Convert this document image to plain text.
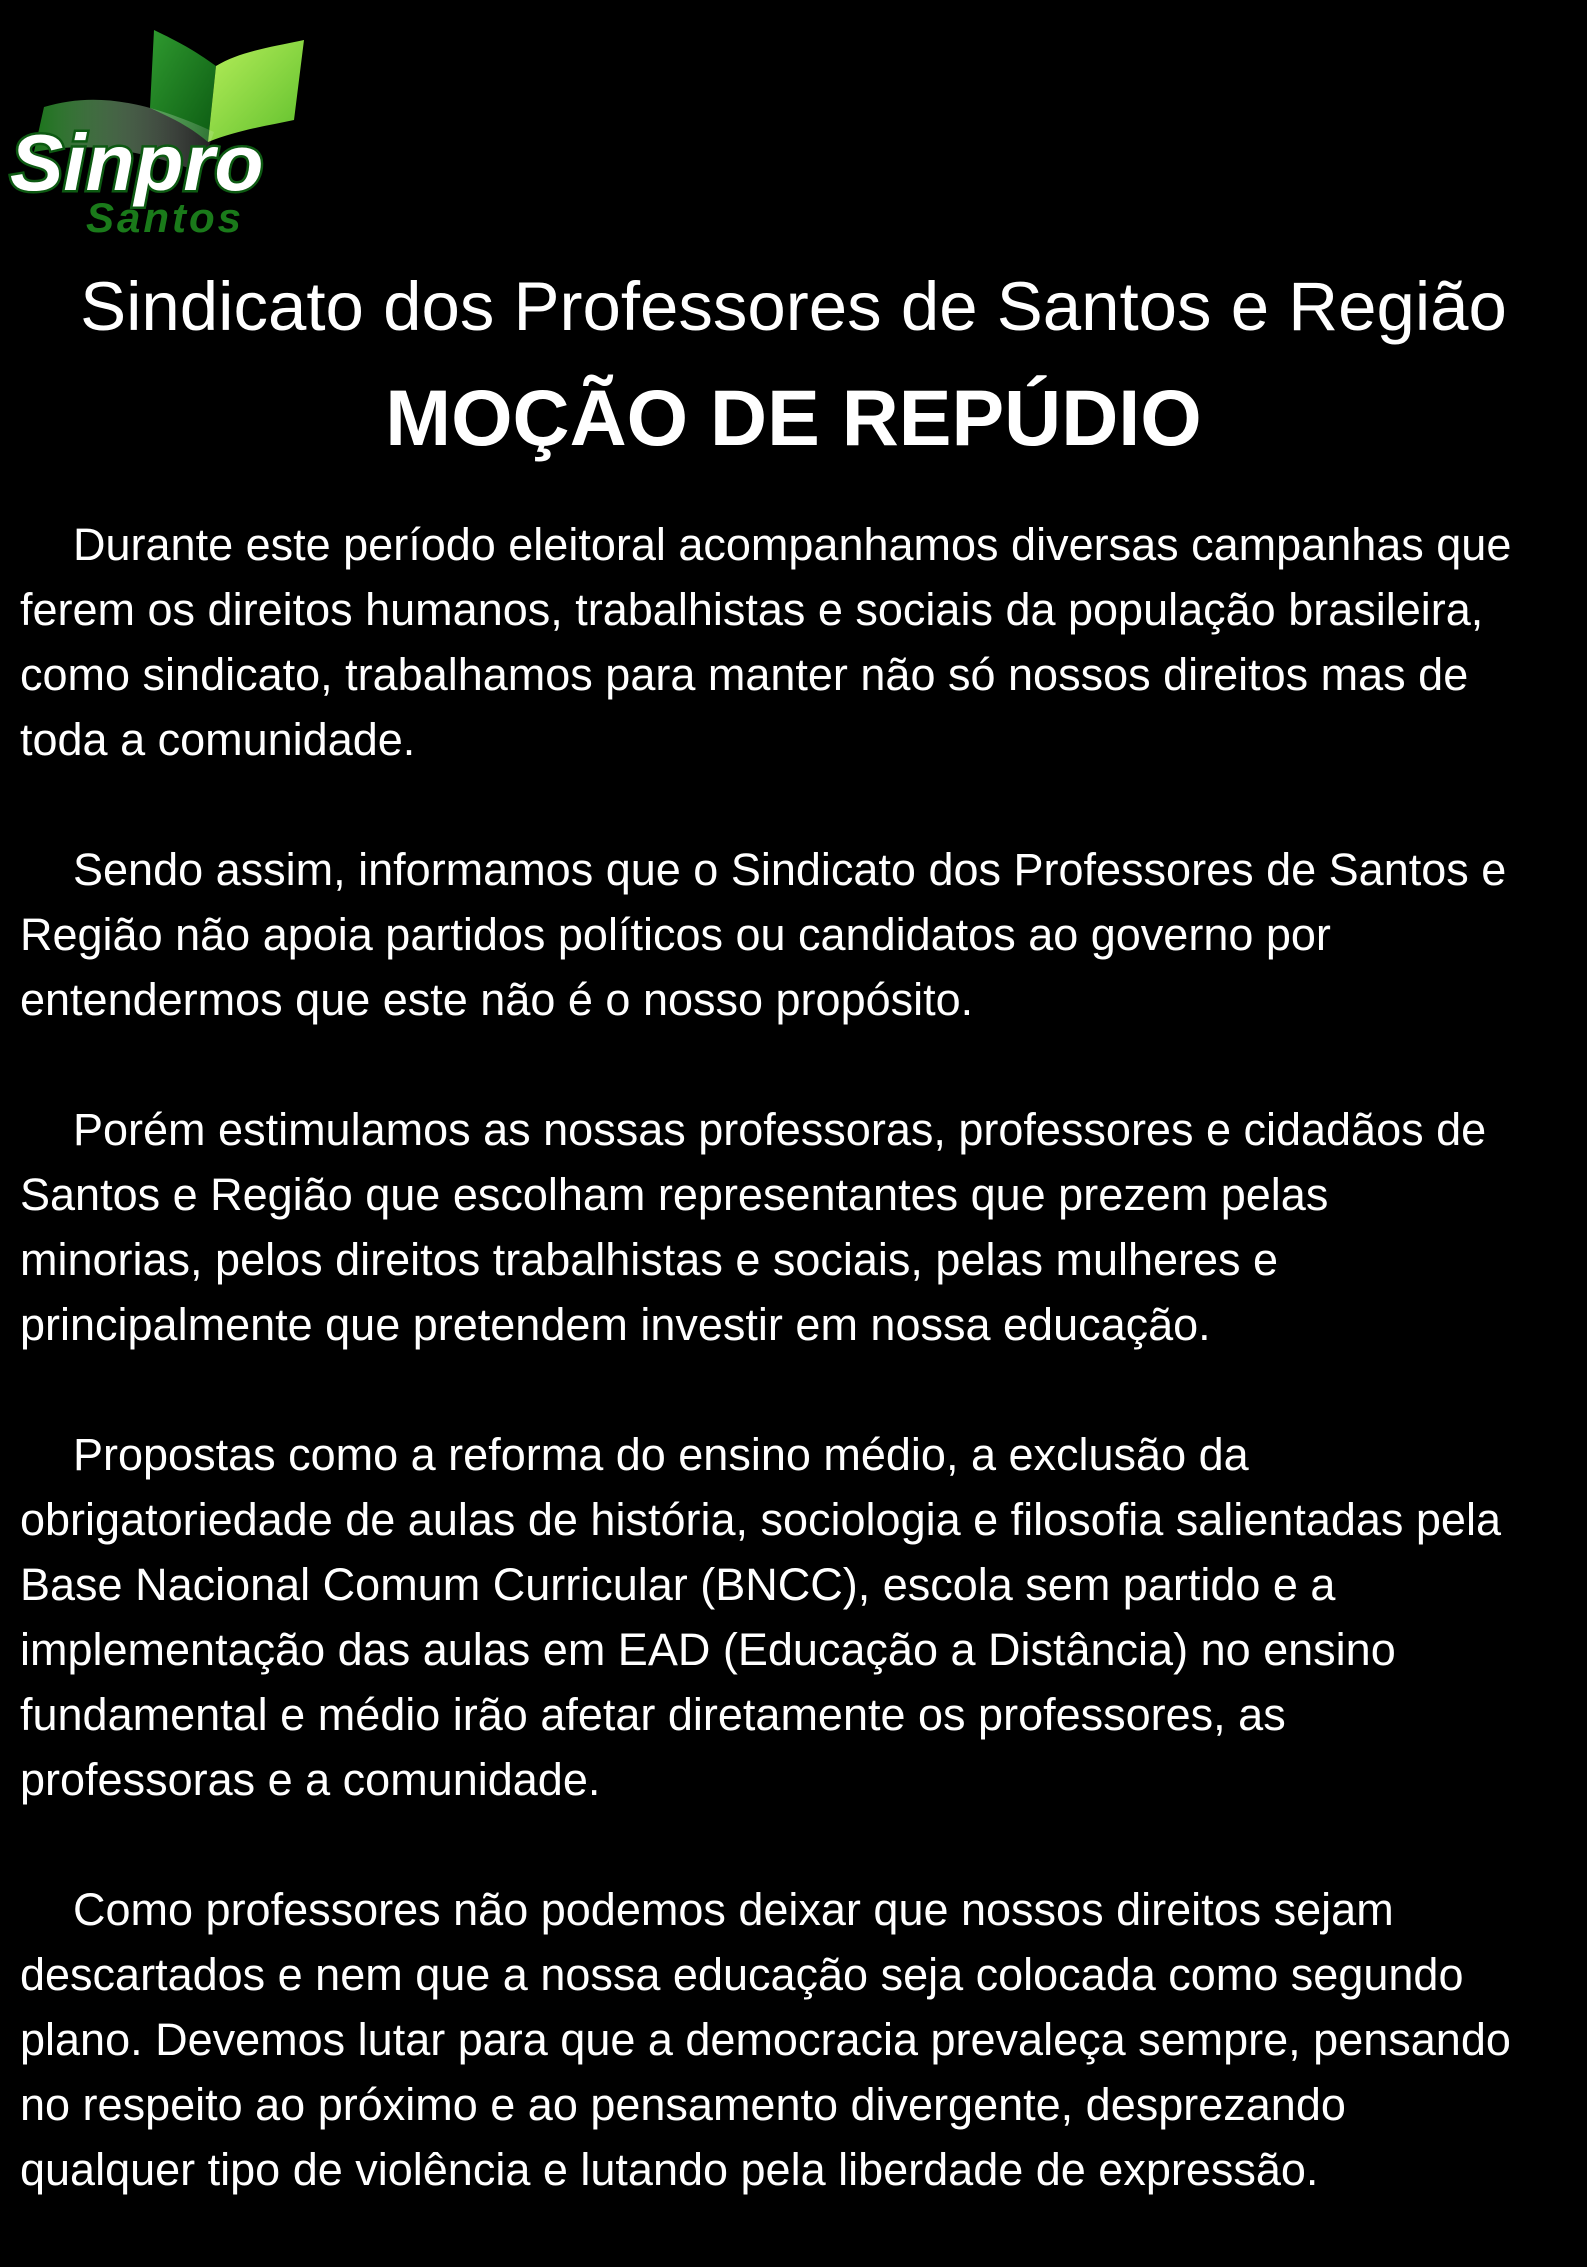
Sinpro
Santos
Sindicato dos Professores de Santos e Região
MOÇÃO DE REPÚDIO

Durante este período eleitoral acompanhamos diversas campanhas que
ferem os direitos humanos, trabalhistas e sociais da população brasileira,
como sindicato, trabalhamos para manter não só nossos direitos mas de
toda a comunidade.

Sendo assim, informamos que o Sindicato dos Professores de Santos e
Região não apoia partidos políticos ou candidatos ao governo por
entendermos que este não é o nosso propósito.

Porém estimulamos as nossas professoras, professores e cidadãos de
Santos e Região que escolham representantes que prezem pelas
minorias, pelos direitos trabalhistas e sociais, pelas mulheres e
principalmente que pretendem investir em nossa educação.

Propostas como a reforma do ensino médio, a exclusão da
obrigatoriedade de aulas de história, sociologia e filosofia salientadas pela
Base Nacional Comum Curricular (BNCC), escola sem partido e a
implementação das aulas em EAD (Educação a Distância) no ensino
fundamental e médio irão afetar diretamente os professores, as
professoras e a comunidade.

Como professores não podemos deixar que nossos direitos sejam
descartados e nem que a nossa educação seja colocada como segundo
plano. Devemos lutar para que a democracia prevaleça sempre, pensando
no respeito ao próximo e ao pensamento divergente, desprezando
qualquer tipo de violência e lutando pela liberdade de expressão.
